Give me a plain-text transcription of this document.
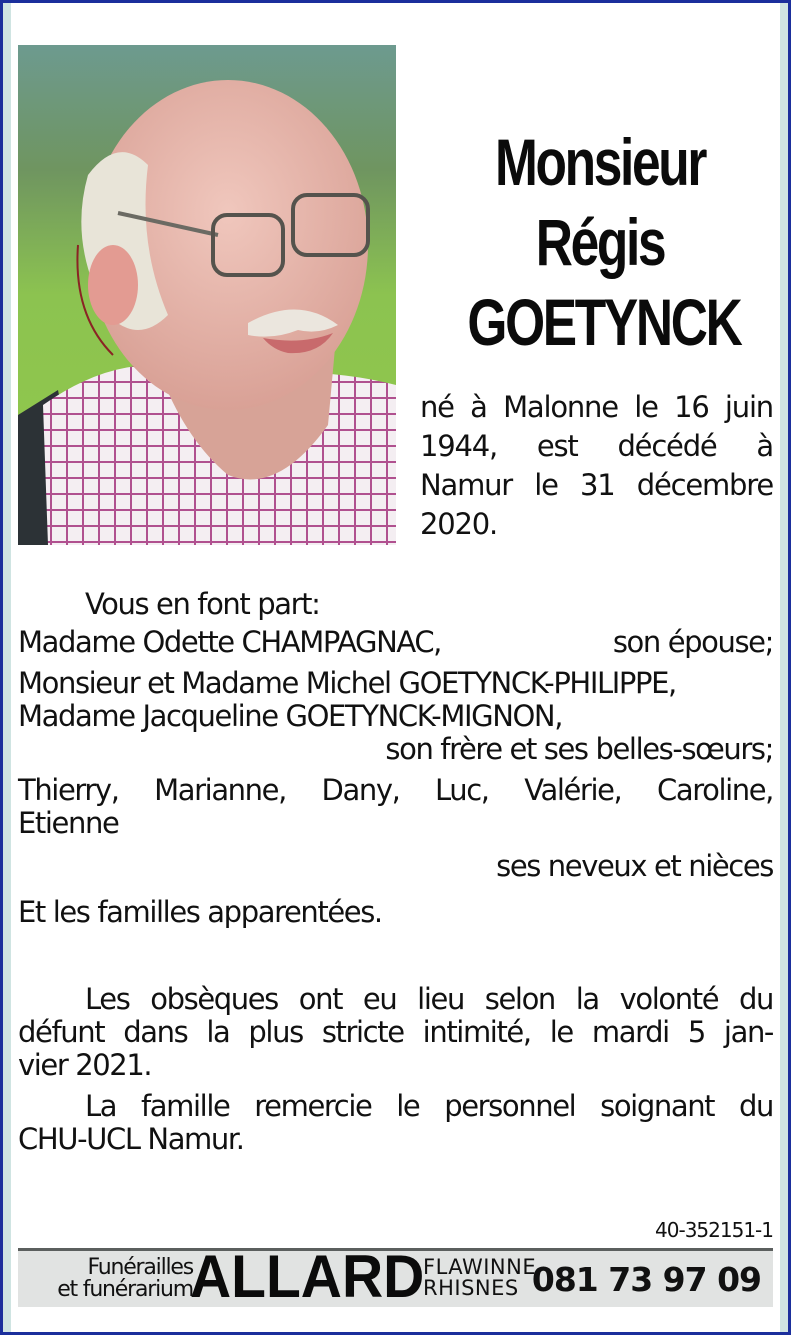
Monsieur
Régis
GOETYNCK
né à Malonne le 16 juin
1944, est décédé à
Namur le 31 décembre
2020.

Vous en font part:

Madame Odette CHAMPAGNAC,	son épouse;

Monsieur et Madame Michel GOETYNCK-PHILIPPE,

Madame Jacqueline GOETYNCK-MIGNON,

son frère et ses belles-sœurs;

Thierry, Marianne, Dany, Luc, Valérie, Caroline,

Etienne

ses neveux et nièces

Et les familles apparentées.

Les obsèques ont eu lieu selon la volonté du

défunt dans la plus stricte intimité, le mardi 5 jan-

vier 2021.

La famille remercie le personnel soignant du

CHU-UCL Namur.

40-352151-1
Funérailles
et funérarium
ALLARD
FLAWINNE
RHISNES 081 73 97 09
